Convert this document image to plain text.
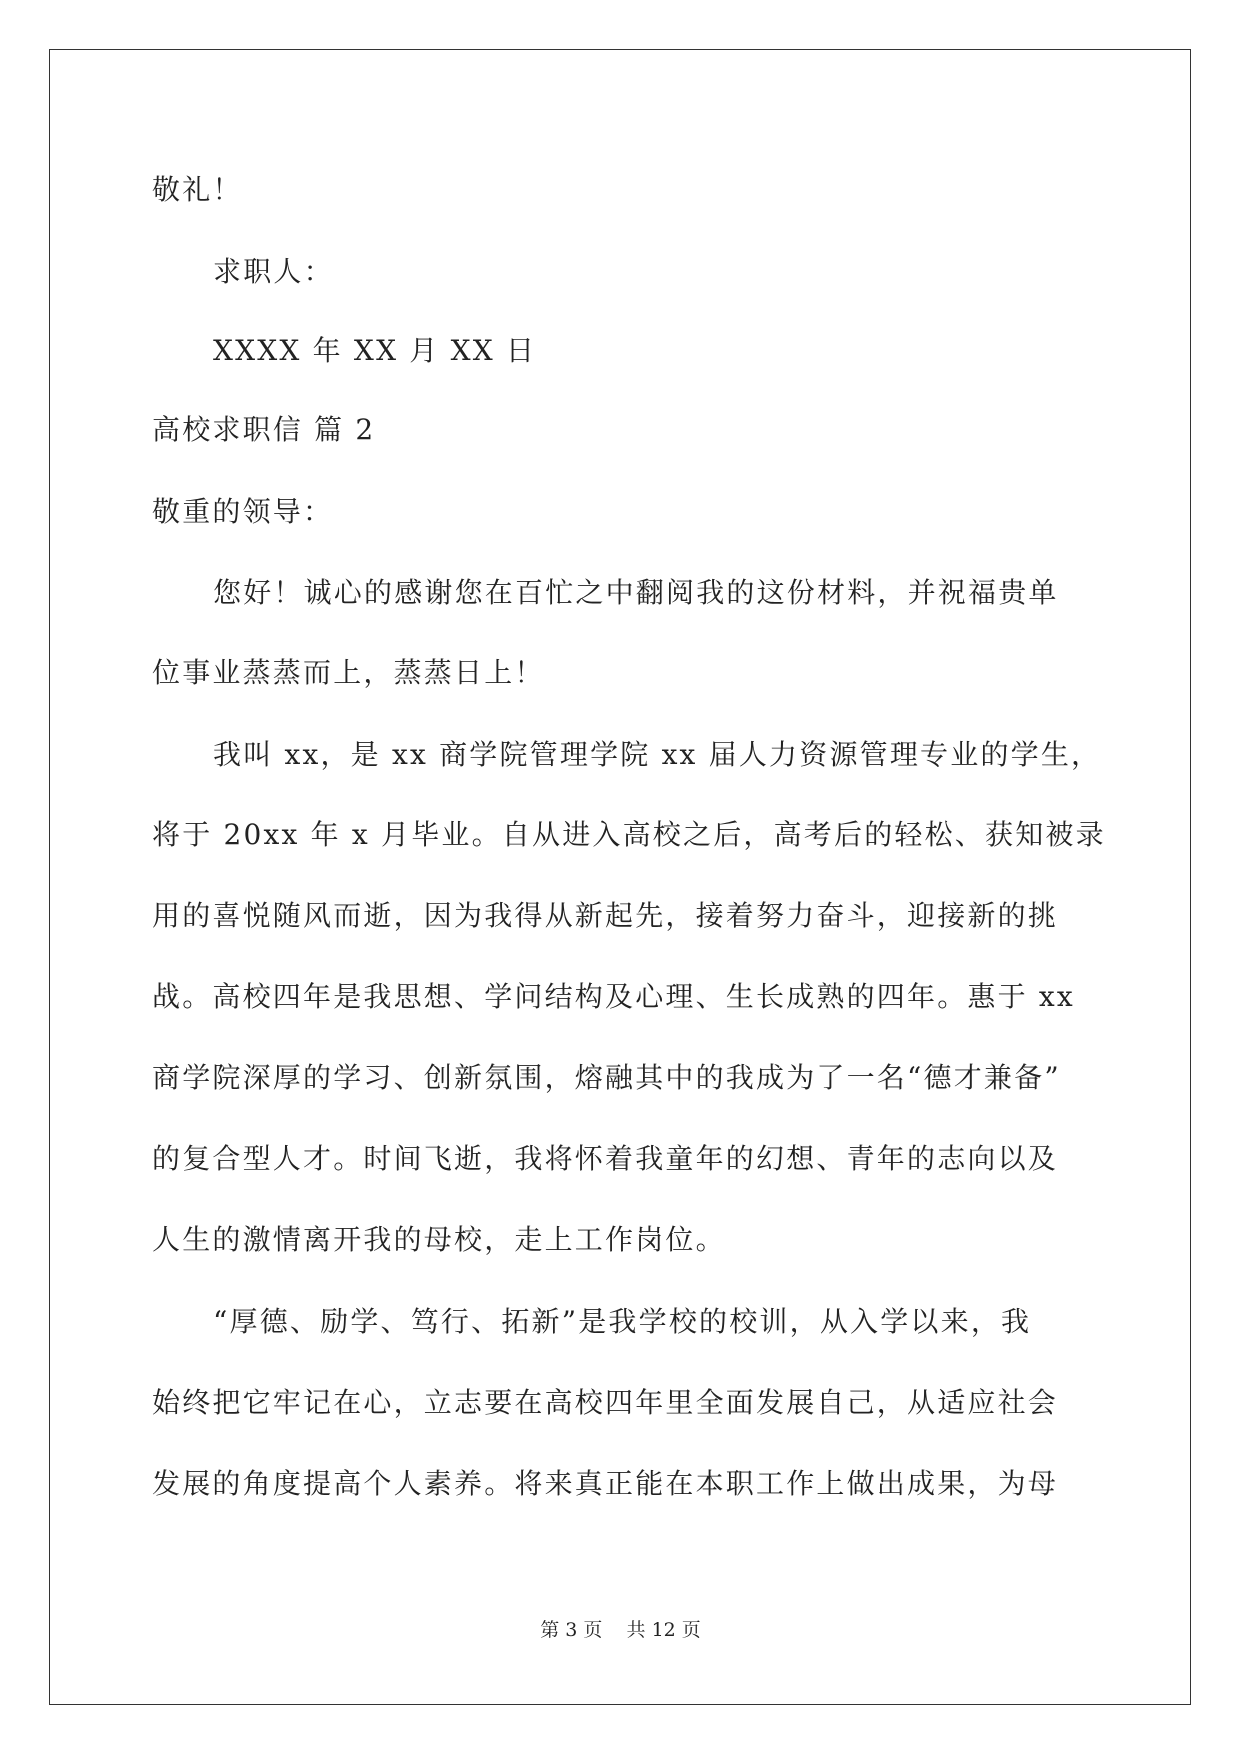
敬礼！
求职人：
XXXX 年 XX 月 XX 日
高校求职信 篇 2
敬重的领导：
您好！诚心的感谢您在百忙之中翻阅我的这份材料，并祝福贵单
位事业蒸蒸而上，蒸蒸日上！
我叫 xx，是 xx 商学院管理学院 xx 届人力资源管理专业的学生，
将于 20xx 年 x 月毕业。自从进入高校之后，高考后的轻松、获知被录
用的喜悦随风而逝，因为我得从新起先，接着努力奋斗，迎接新的挑
战。高校四年是我思想、学问结构及心理、生长成熟的四年。惠于 xx
商学院深厚的学习、创新氛围，熔融其中的我成为了一名“德才兼备”
的复合型人才。时间飞逝，我将怀着我童年的幻想、青年的志向以及
人生的激情离开我的母校，走上工作岗位。
“厚德、励学、笃行、拓新”是我学校的校训，从入学以来，我
始终把它牢记在心，立志要在高校四年里全面发展自己，从适应社会
发展的角度提高个人素养。将来真正能在本职工作上做出成果，为母
第 3 页    共 12 页
